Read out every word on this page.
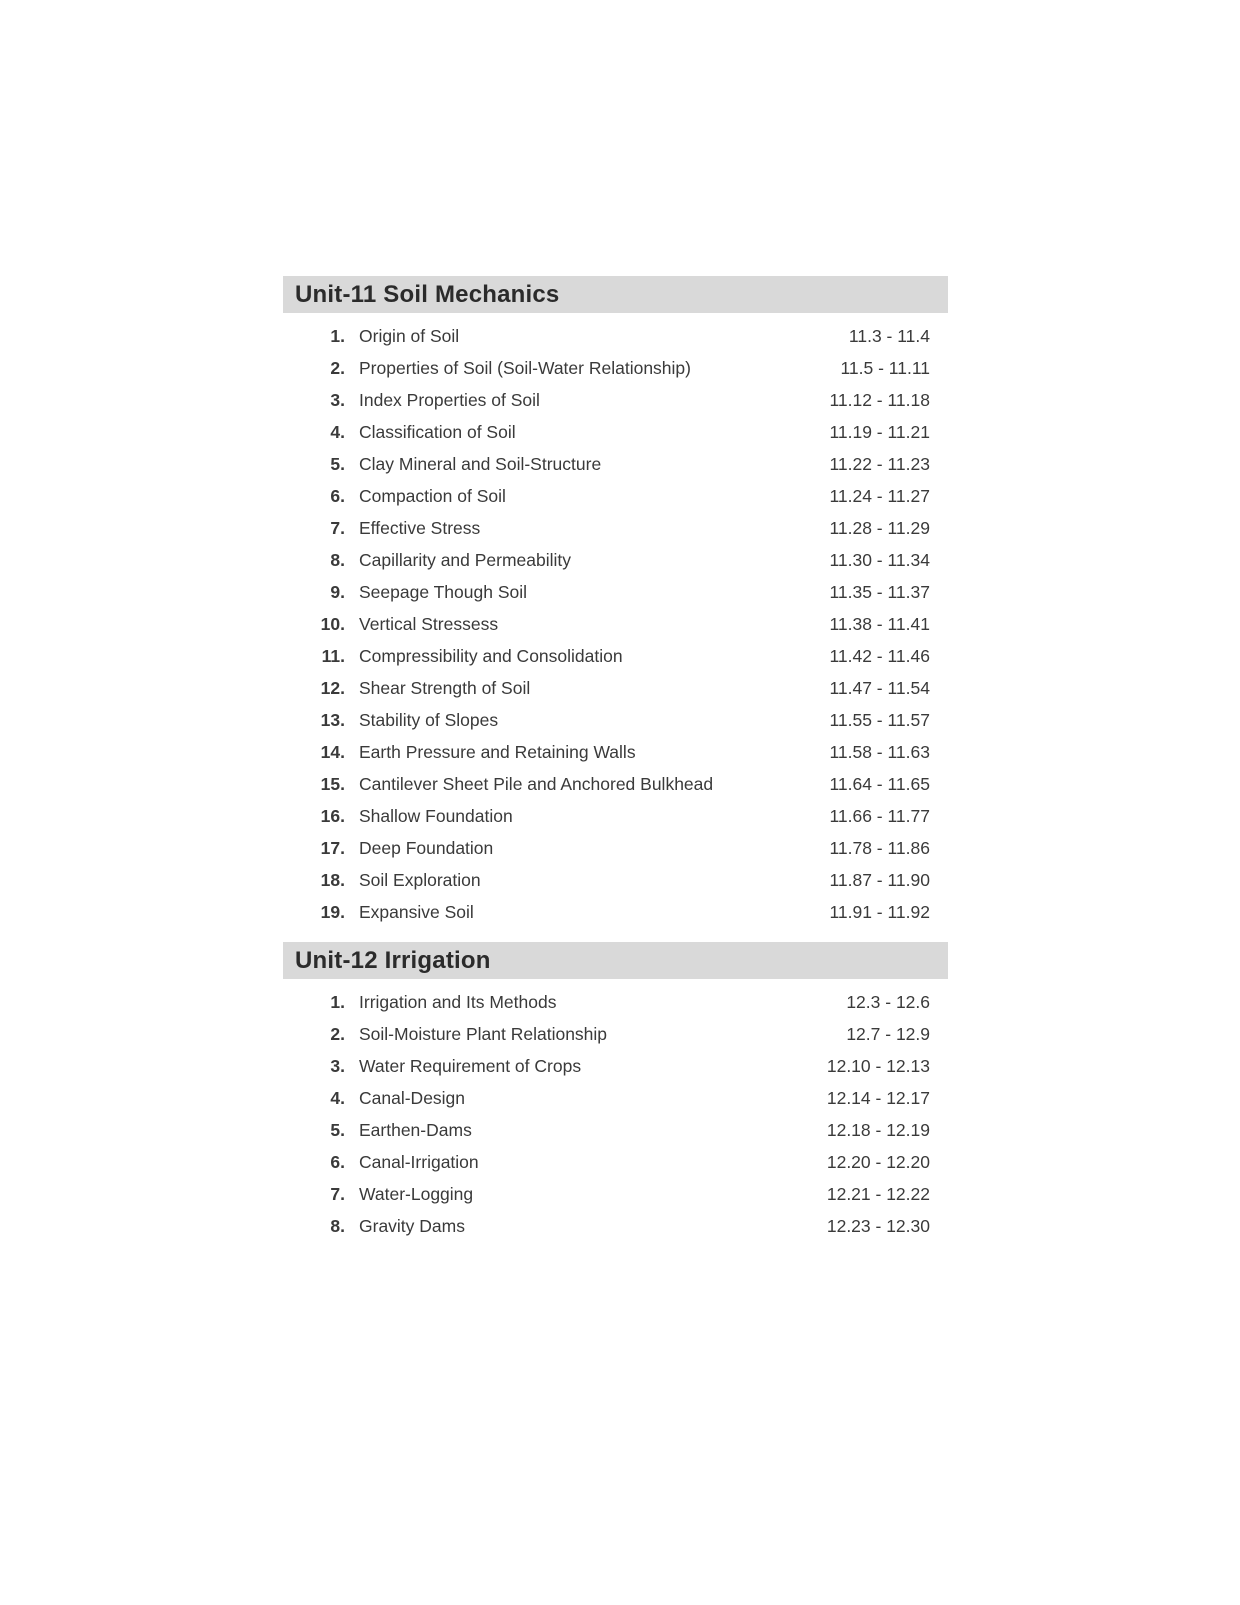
Unit-11 Soil Mechanics
1. Origin of Soil	11.3 - 11.4
2. Properties of Soil (Soil-Water Relationship)	11.5 - 11.11
3. Index Properties of Soil	11.12 - 11.18
4. Classification of Soil	11.19 - 11.21
5. Clay Mineral and Soil-Structure	11.22 - 11.23
6. Compaction of Soil	11.24 - 11.27
7. Effective Stress	11.28 - 11.29
8. Capillarity and Permeability	11.30 - 11.34
9. Seepage Though Soil	11.35 - 11.37
10. Vertical Stressess	11.38 - 11.41
11. Compressibility and Consolidation	11.42 - 11.46
12. Shear Strength of Soil	11.47 - 11.54
13. Stability of Slopes	11.55 - 11.57
14. Earth Pressure and Retaining Walls	11.58 - 11.63
15. Cantilever Sheet Pile and Anchored Bulkhead	11.64 - 11.65
16. Shallow Foundation	11.66 - 11.77
17. Deep Foundation	11.78 - 11.86
18. Soil Exploration	11.87 - 11.90
19. Expansive Soil	11.91 - 11.92
Unit-12 Irrigation
1. Irrigation and Its Methods	12.3 - 12.6
2. Soil-Moisture Plant Relationship	12.7 - 12.9
3. Water Requirement of Crops	12.10 - 12.13
4. Canal-Design	12.14 - 12.17
5. Earthen-Dams	12.18 - 12.19
6. Canal-Irrigation	12.20 - 12.20
7. Water-Logging	12.21 - 12.22
8. Gravity Dams	12.23 - 12.30
